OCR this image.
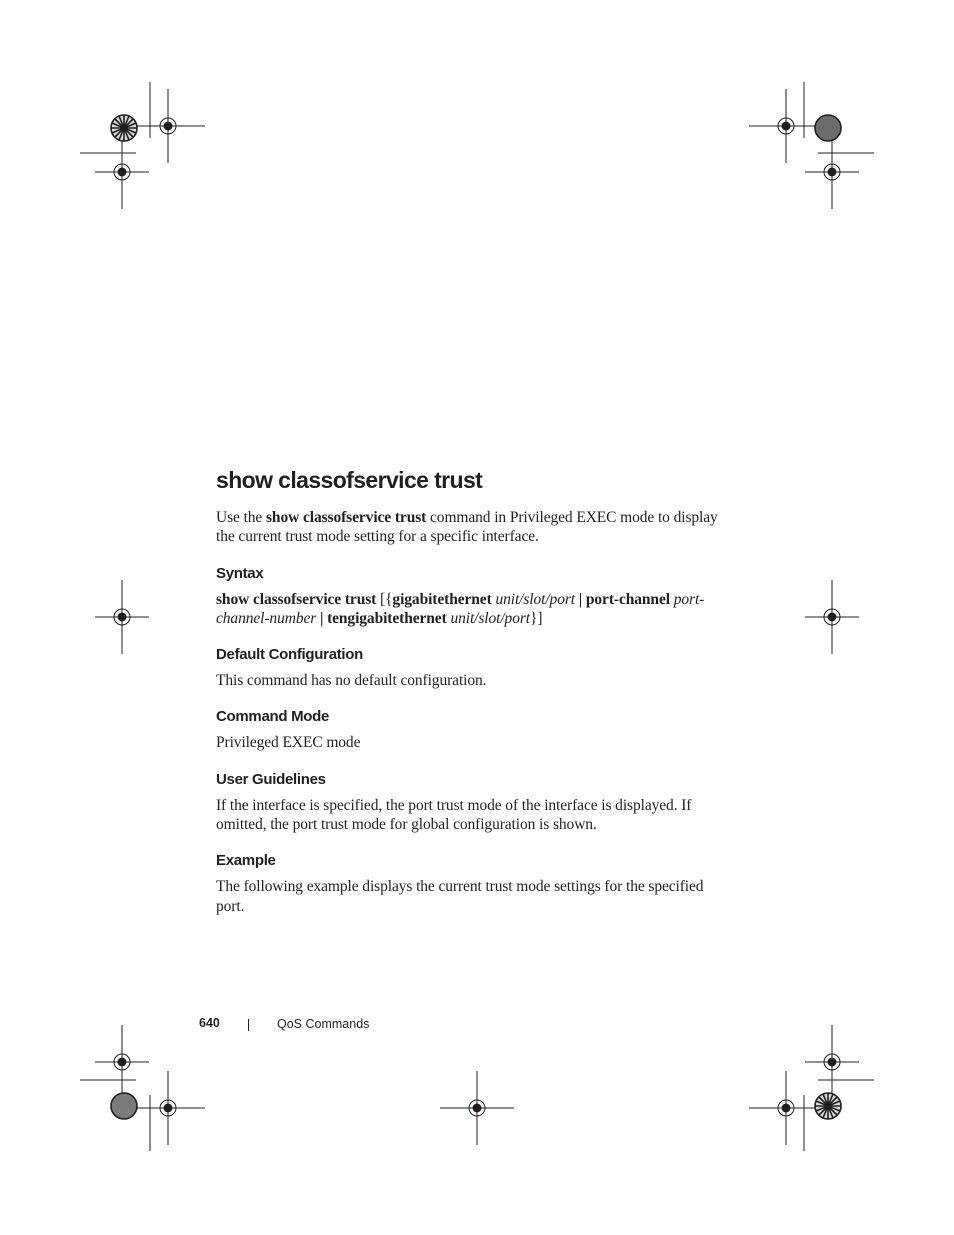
show classofservice trust

Use the show classofservice trust command in Privileged EXEC mode to display the current trust mode setting for a specific interface.

Syntax

show classofservice trust [{gigabitethernet unit/slot/port | port-channel port-channel-number | tengigabitethernet unit/slot/port}]

Default Configuration

This command has no default configuration.

Command Mode

Privileged EXEC mode

User Guidelines

If the interface is specified, the port trust mode of the interface is displayed. If omitted, the port trust mode for global configuration is shown.

Example

The following example displays the current trust mode settings for the specified port.

640	QoS Commands
